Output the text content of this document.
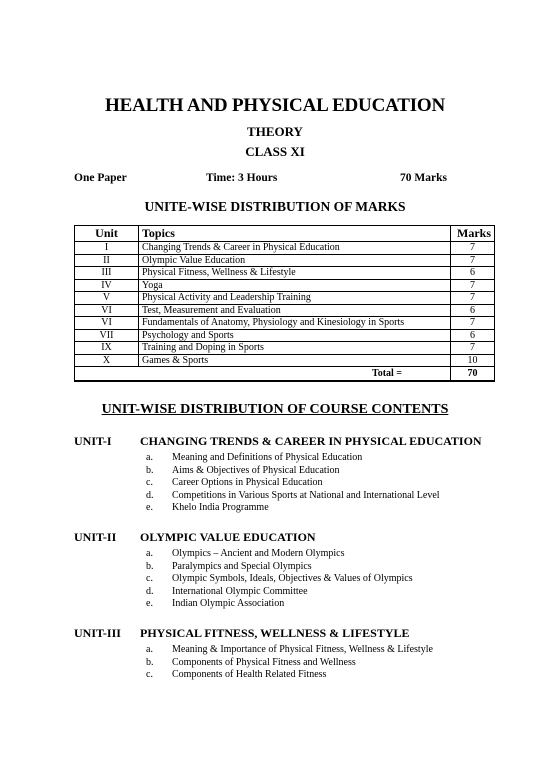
HEALTH AND PHYSICAL EDUCATION
THEORY
CLASS XI
One Paper	Time: 3 Hours	70 Marks
UNITE-WISE DISTRIBUTION OF MARKS
Unit	Topics	Marks
I	Changing Trends & Career in Physical Education	7
II	Olympic Value Education	7
III	Physical Fitness, Wellness & Lifestyle	6
IV	Yoga	7
V	Physical Activity and Leadership Training	7
VI	Test, Measurement and Evaluation	6
VI	Fundamentals of Anatomy, Physiology and Kinesiology in Sports	7
VII	Psychology and Sports	6
IX	Training and Doping in Sports	7
X	Games & Sports	10
Total =		70
UNIT-WISE DISTRIBUTION OF COURSE CONTENTS
UNIT-I CHANGING TRENDS & CAREER IN PHYSICAL EDUCATION
a. Meaning and Definitions of Physical Education
b. Aims & Objectives of Physical Education
c. Career Options in Physical Education
d. Competitions in Various Sports at National and International Level
e. Khelo India Programme
UNIT-II OLYMPIC VALUE EDUCATION
a. Olympics – Ancient and Modern Olympics
b. Paralympics and Special Olympics
c. Olympic Symbols, Ideals, Objectives & Values of Olympics
d. International Olympic Committee
e. Indian Olympic Association
UNIT-III PHYSICAL FITNESS, WELLNESS & LIFESTYLE
a. Meaning & Importance of Physical Fitness, Wellness & Lifestyle
b. Components of Physical Fitness and Wellness
c. Components of Health Related Fitness
